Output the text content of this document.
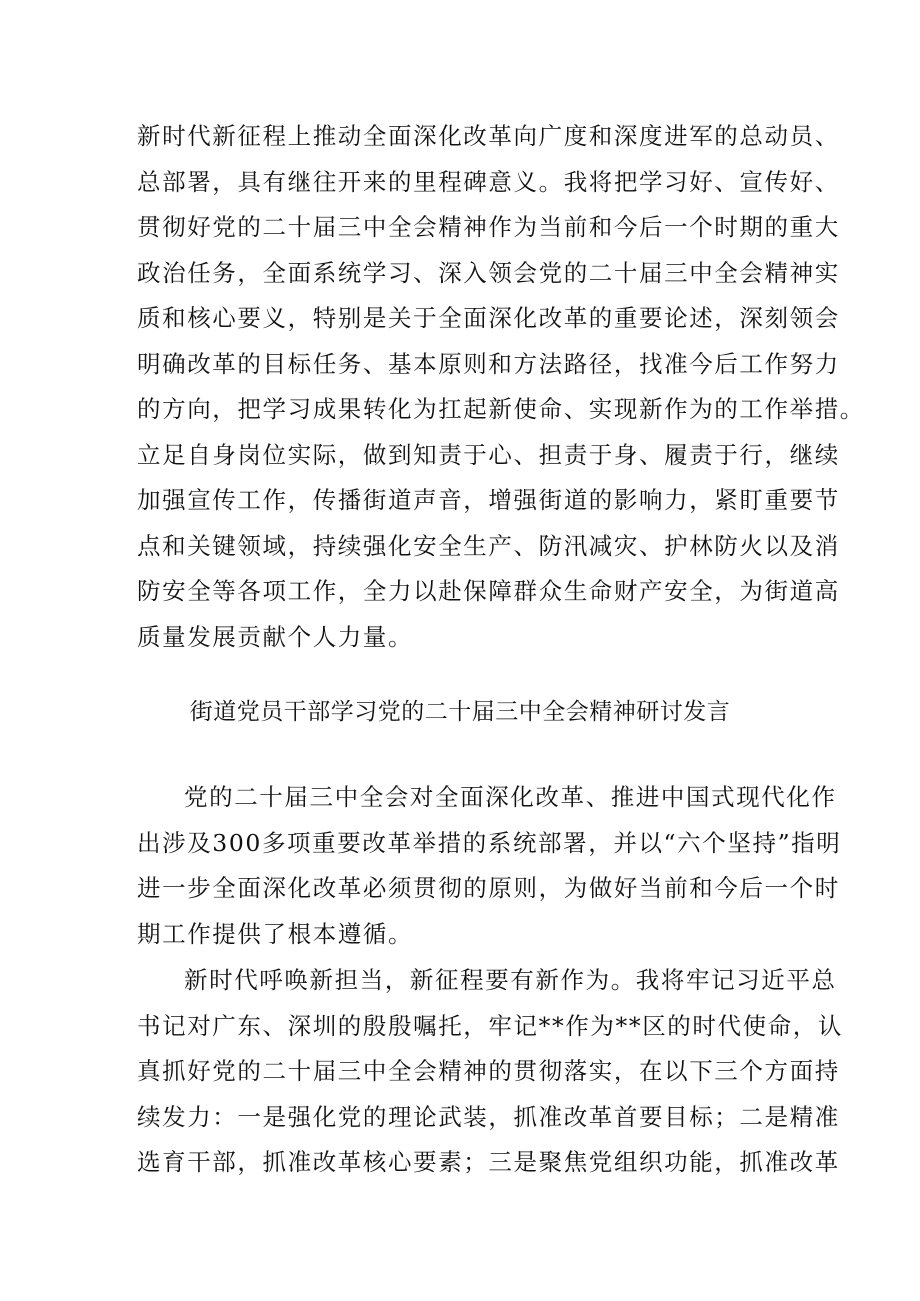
新时代新征程上推动全面深化改革向广度和深度进军的总动员、
总部署，具有继往开来的里程碑意义。我将把学习好、宣传好、
贯彻好党的二十届三中全会精神作为当前和今后一个时期的重大
政治任务，全面系统学习、深入领会党的二十届三中全会精神实
质和核心要义，特别是关于全面深化改革的重要论述，深刻领会
明确改革的目标任务、基本原则和方法路径，找准今后工作努力
的方向，把学习成果转化为扛起新使命、实现新作为的工作举措。
立足自身岗位实际，做到知责于心、担责于身、履责于行，继续
加强宣传工作，传播街道声音，增强街道的影响力，紧盯重要节
点和关键领域，持续强化安全生产、防汛减灾、护林防火以及消
防安全等各项工作，全力以赴保障群众生命财产安全，为街道高
质量发展贡献个人力量。
街道党员干部学习党的二十届三中全会精神研讨发言
党的二十届三中全会对全面深化改革、推进中国式现代化作
出涉及300多项重要改革举措的系统部署，并以“六个坚持”指明
进一步全面深化改革必须贯彻的原则，为做好当前和今后一个时
期工作提供了根本遵循。
新时代呼唤新担当，新征程要有新作为。我将牢记习近平总
书记对广东、深圳的殷殷嘱托，牢记**作为**区的时代使命，认
真抓好党的二十届三中全会精神的贯彻落实，在以下三个方面持
续发力：一是强化党的理论武装，抓准改革首要目标；二是精准
选育干部，抓准改革核心要素；三是聚焦党组织功能，抓准改革
